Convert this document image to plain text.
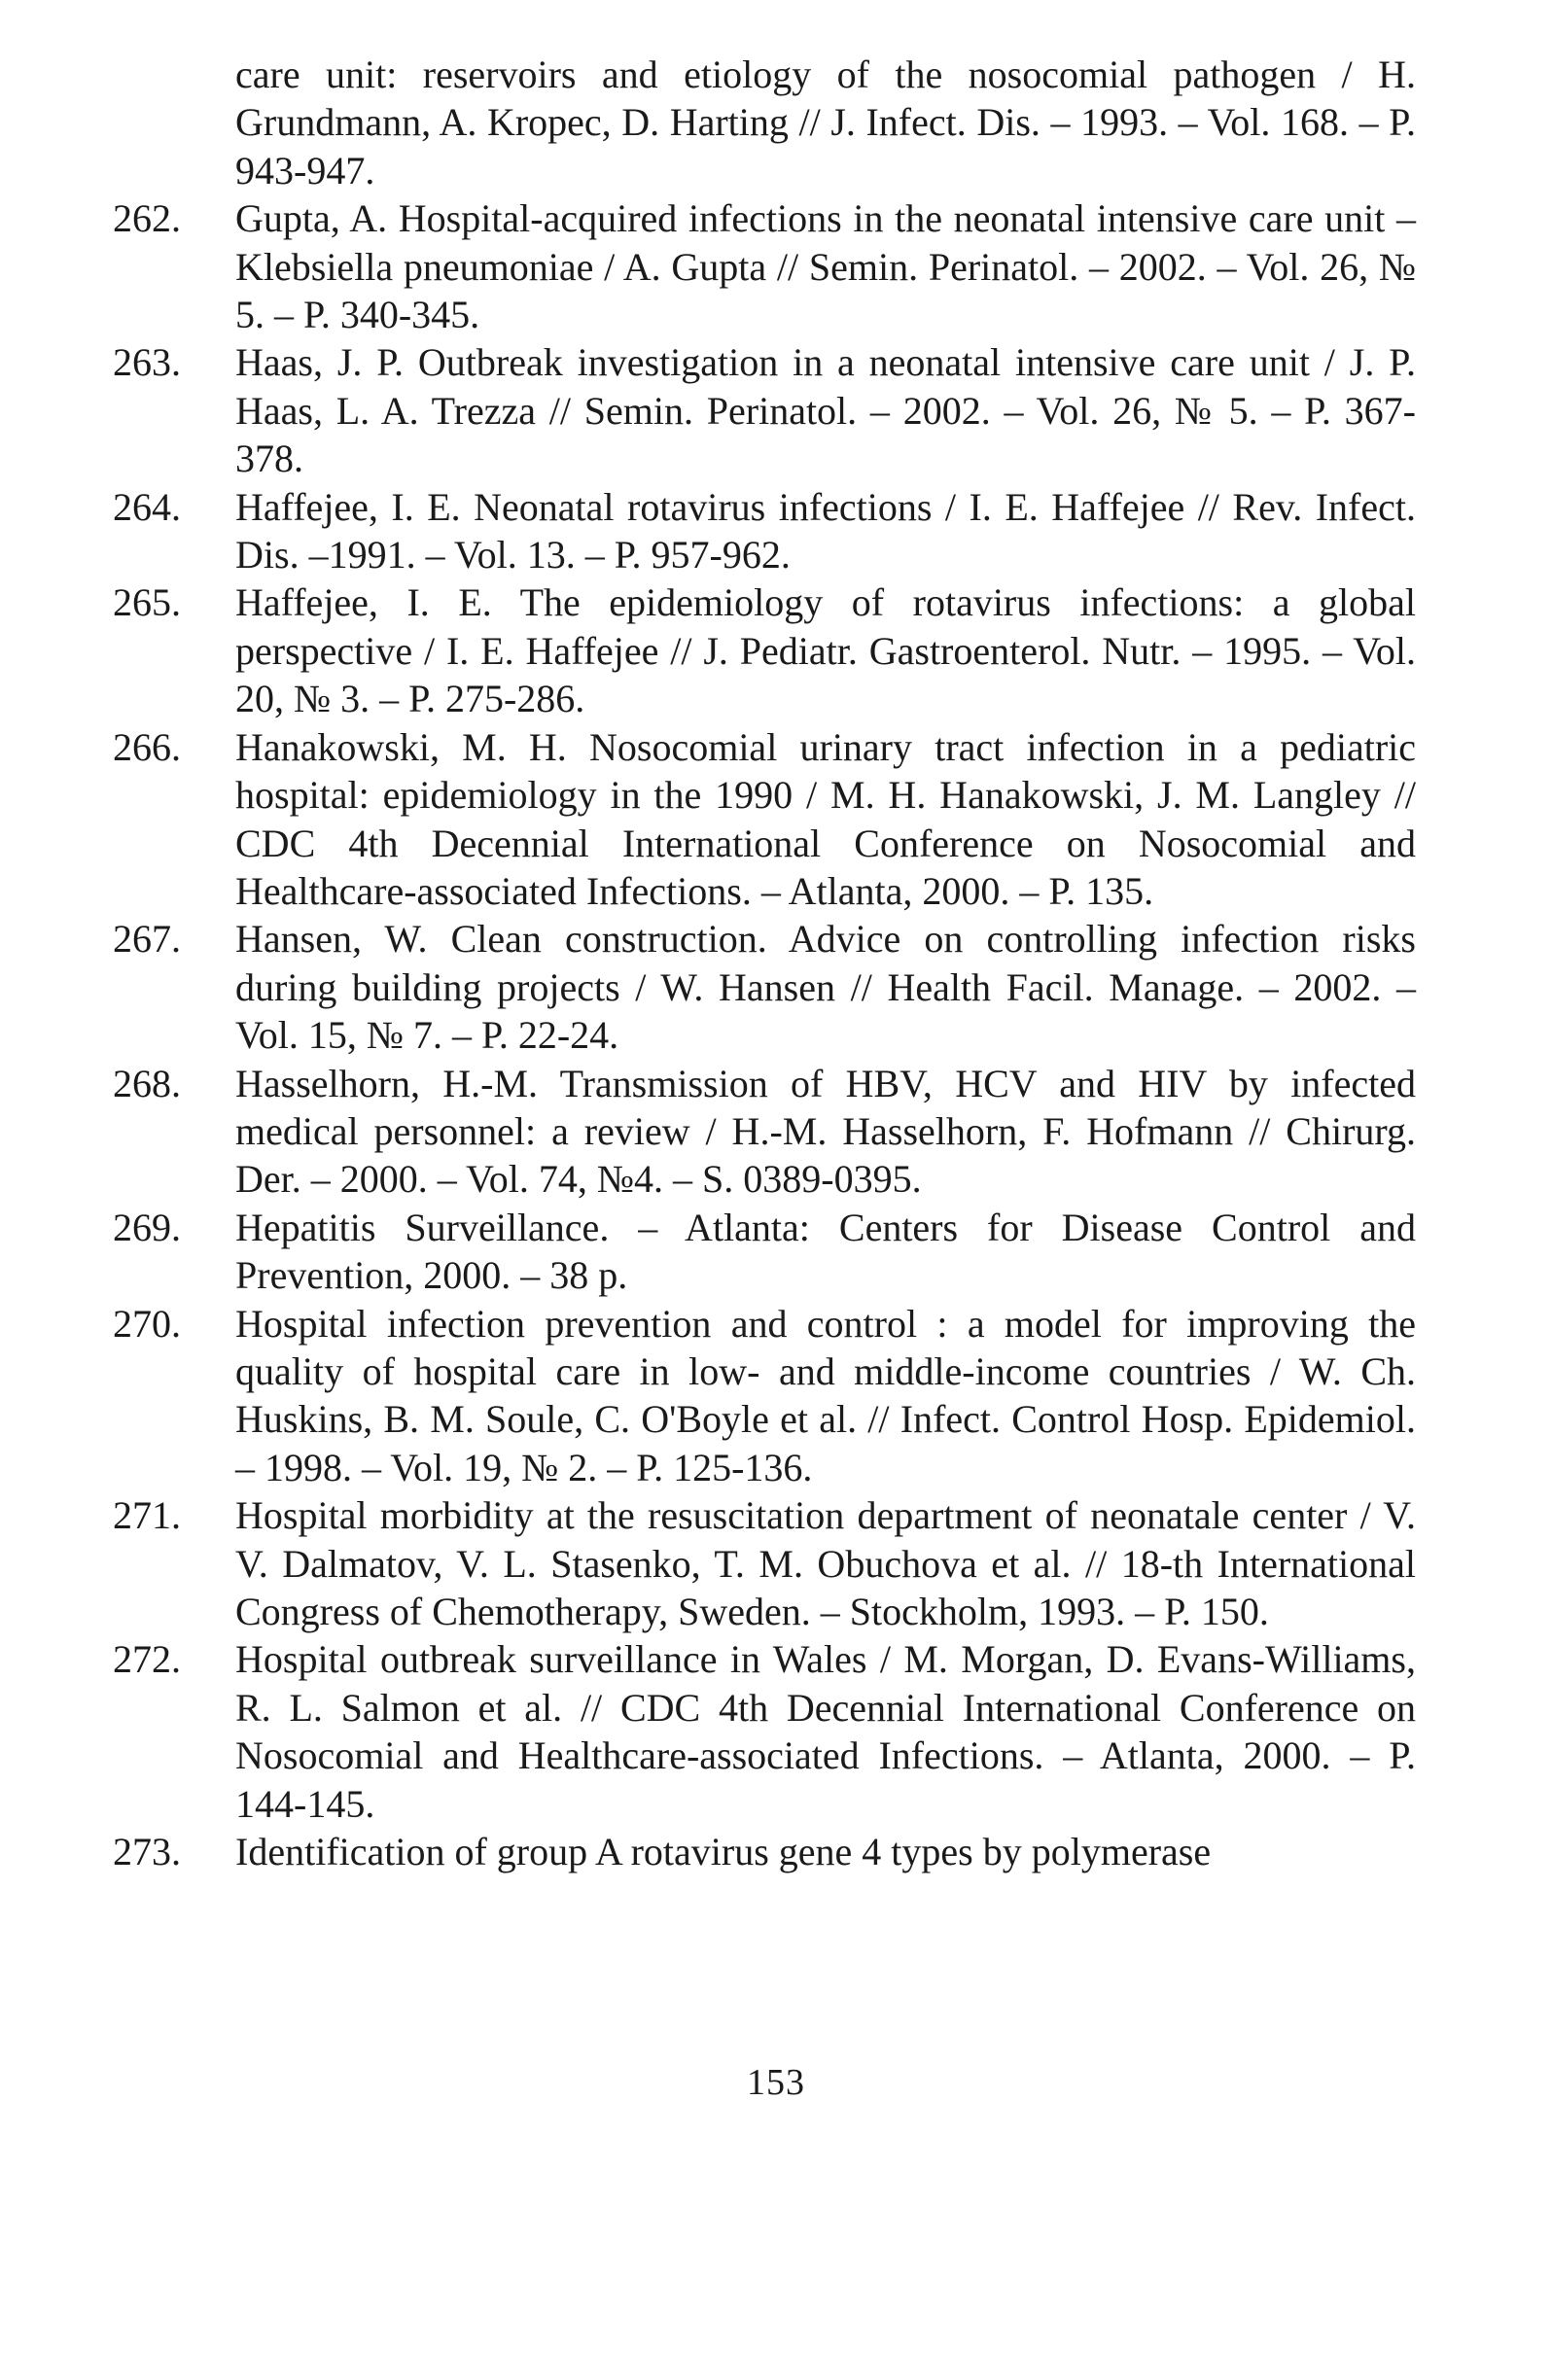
care unit: reservoirs and etiology of the nosocomial pathogen / H. Grundmann, A. Kropec, D. Harting // J. Infect. Dis. – 1993. – Vol. 168. – P. 943-947.
262.	Gupta, A. Hospital-acquired infections in the neonatal intensive care unit – Klebsiella pneumoniae / A. Gupta // Semin. Perinatol. – 2002. – Vol. 26, № 5. – P. 340-345.
263.	Haas, J. P. Outbreak investigation in a neonatal intensive care unit / J. P. Haas, L. A. Trezza // Semin. Perinatol. – 2002. – Vol. 26, № 5. – P. 367-378.
264.	Haffejee, I. E. Neonatal rotavirus infections / I. E. Haffejee // Rev. Infect. Dis. –1991. – Vol. 13. – P. 957-962.
265.	Haffejee, I. E. The epidemiology of rotavirus infections: a global perspective / I. E. Haffejee // J. Pediatr. Gastroenterol. Nutr. – 1995. – Vol. 20, № 3. – P. 275-286.
266.	Hanakowski, M. H. Nosocomial urinary tract infection in a pediatric hospital: epidemiology in the 1990 / M. H. Hanakowski, J. M. Langley // CDC 4th Decennial International Conference on Nosocomial and Healthcare-associated Infections. – Atlanta, 2000. – P. 135.
267.	Hansen, W. Clean construction. Advice on controlling infection risks during building projects / W. Hansen // Health Facil. Manage. – 2002. – Vol. 15, № 7. – P. 22-24.
268.	Hasselhorn, H.-M. Transmission of HBV, HCV and HIV by infected medical personnel: a review / H.-M. Hasselhorn, F. Hofmann // Chirurg. Der. – 2000. – Vol. 74, №4. – S. 0389-0395.
269.	Hepatitis Surveillance. – Atlanta: Centers for Disease Control and Prevention, 2000. – 38 p.
270.	Hospital infection prevention and control : a model for improving the quality of hospital care in low- and middle-income countries / W. Ch. Huskins, B. M. Soule, C. O'Boyle et al. // Infect. Control Hosp. Epidemiol. – 1998. – Vol. 19, № 2. – P. 125-136.
271.	Hospital morbidity at the resuscitation department of neonatale center / V. V. Dalmatov, V. L. Stasenko, T. M. Obuchova et al. // 18-th International Congress of Chemotherapy, Sweden. – Stockholm, 1993. – P. 150.
272.	Hospital outbreak surveillance in Wales / M. Morgan, D. Evans-Williams, R. L. Salmon et al. // CDC 4th Decennial International Conference on Nosocomial and Healthcare-associated Infections. – Atlanta, 2000. – P. 144-145.
273.	Identification of group A rotavirus gene 4 types by polymerase
153
